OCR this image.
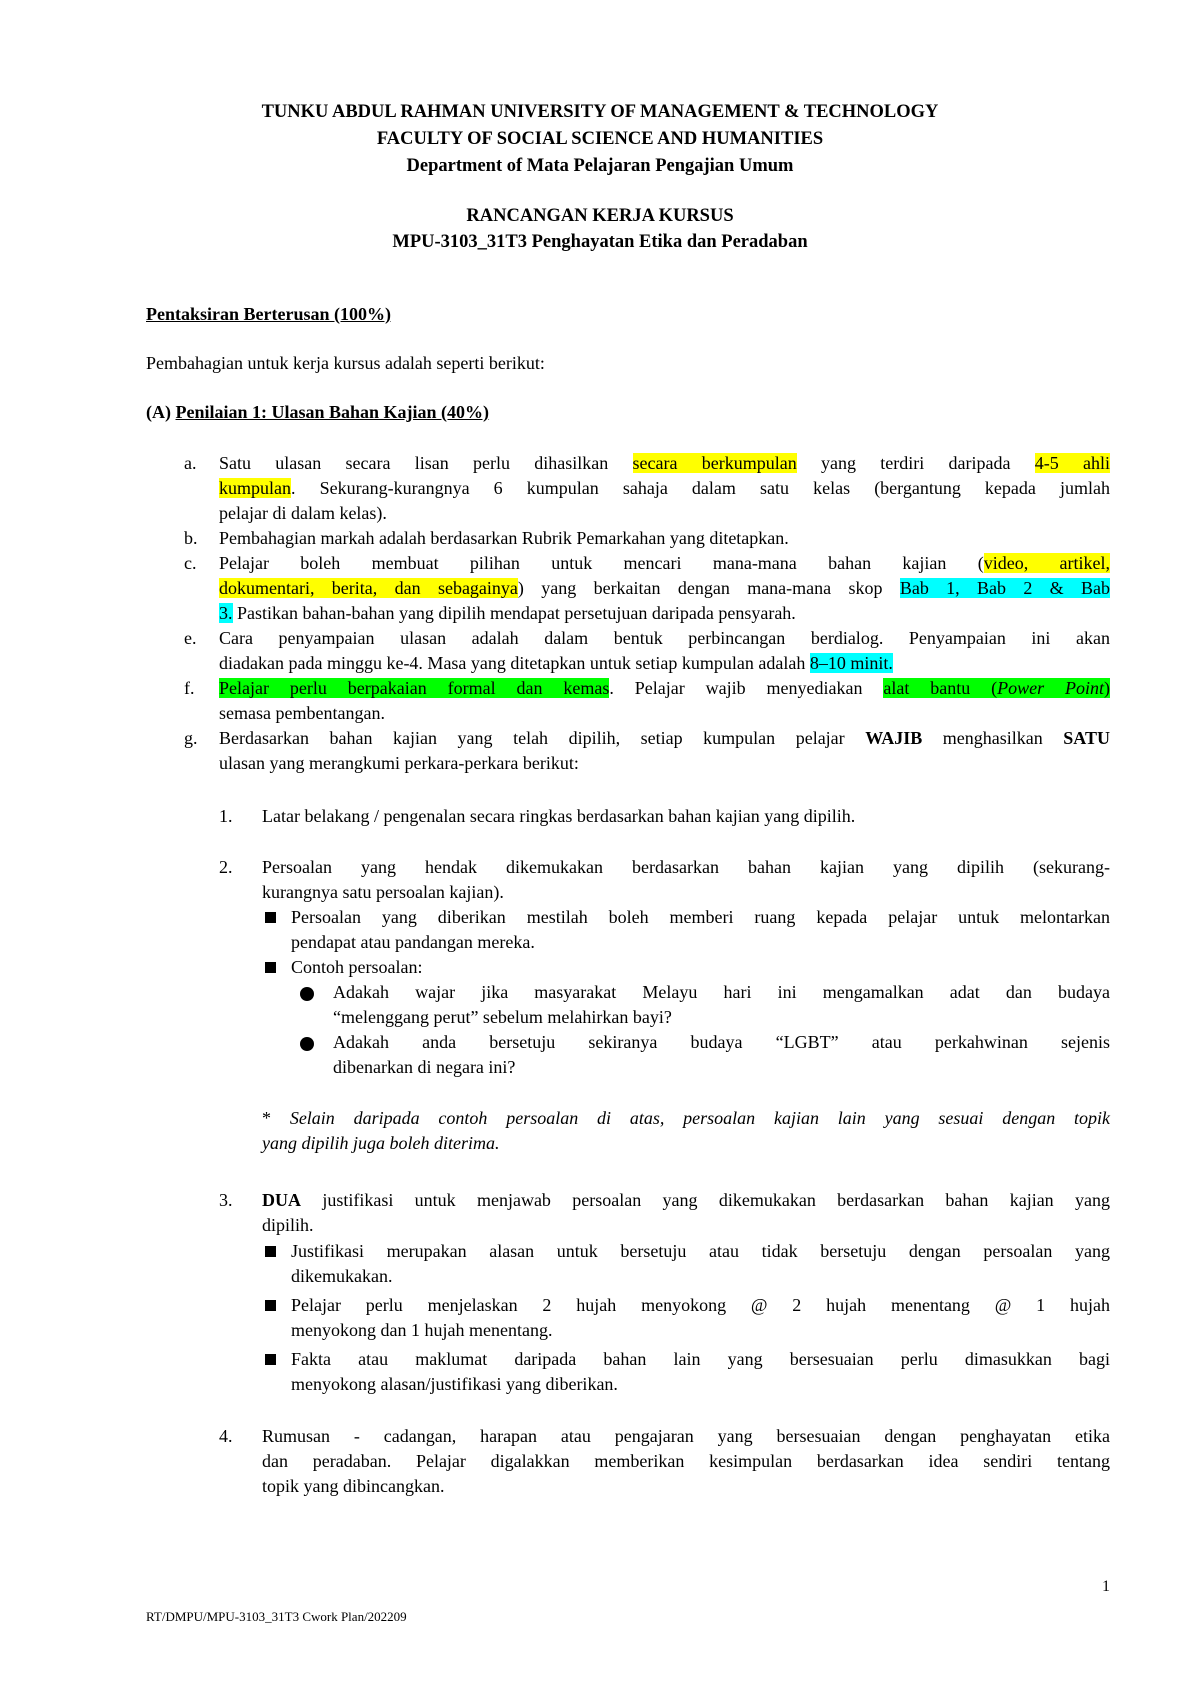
TUNKU ABDUL RAHMAN UNIVERSITY OF MANAGEMENT & TECHNOLOGY
FACULTY OF SOCIAL SCIENCE AND HUMANITIES
Department of Mata Pelajaran Pengajian Umum
RANCANGAN KERJA KURSUS
MPU-3103_31T3 Penghayatan Etika dan Peradaban
Pentaksiran Berterusan (100%)
Pembahagian untuk kerja kursus adalah seperti berikut:
(A) Penilaian 1: Ulasan Bahan Kajian (40%)
a. Satu ulasan secara lisan perlu dihasilkan secara berkumpulan yang terdiri daripada 4-5 ahli
kumpulan. Sekurang-kurangnya 6 kumpulan sahaja dalam satu kelas (bergantung kepada jumlah
pelajar di dalam kelas).
b. Pembahagian markah adalah berdasarkan Rubrik Pemarkahan yang ditetapkan.
c. Pelajar boleh membuat pilihan untuk mencari mana-mana bahan kajian (video, artikel,
dokumentari, berita, dan sebagainya) yang berkaitan dengan mana-mana skop Bab 1, Bab 2 & Bab
3. Pastikan bahan-bahan yang dipilih mendapat persetujuan daripada pensyarah.
e. Cara penyampaian ulasan adalah dalam bentuk perbincangan berdialog. Penyampaian ini akan
diadakan pada minggu ke-4. Masa yang ditetapkan untuk setiap kumpulan adalah 8–10 minit.
f. Pelajar perlu berpakaian formal dan kemas. Pelajar wajib menyediakan alat bantu (Power Point)
semasa pembentangan.
g. Berdasarkan bahan kajian yang telah dipilih, setiap kumpulan pelajar WAJIB menghasilkan SATU
ulasan yang merangkumi perkara-perkara berikut:
1. Latar belakang / pengenalan secara ringkas berdasarkan bahan kajian yang dipilih.
2. Persoalan yang hendak dikemukakan berdasarkan bahan kajian yang dipilih (sekurang-
kurangnya satu persoalan kajian).
Persoalan yang diberikan mestilah boleh memberi ruang kepada pelajar untuk melontarkan
pendapat atau pandangan mereka.
Contoh persoalan:
Adakah wajar jika masyarakat Melayu hari ini mengamalkan adat dan budaya
“melenggang perut” sebelum melahirkan bayi?
Adakah anda bersetuju sekiranya budaya “LGBT” atau perkahwinan sejenis
dibenarkan di negara ini?
* Selain daripada contoh persoalan di atas, persoalan kajian lain yang sesuai dengan topik
yang dipilih juga boleh diterima.
3. DUA justifikasi untuk menjawab persoalan yang dikemukakan berdasarkan bahan kajian yang
dipilih.
Justifikasi merupakan alasan untuk bersetuju atau tidak bersetuju dengan persoalan yang
dikemukakan.
Pelajar perlu menjelaskan 2 hujah menyokong @ 2 hujah menentang @ 1 hujah
menyokong dan 1 hujah menentang.
Fakta atau maklumat daripada bahan lain yang bersesuaian perlu dimasukkan bagi
menyokong alasan/justifikasi yang diberikan.
4. Rumusan - cadangan, harapan atau pengajaran yang bersesuaian dengan penghayatan etika
dan peradaban. Pelajar digalakkan memberikan kesimpulan berdasarkan idea sendiri tentang
topik yang dibincangkan.
1
RT/DMPU/MPU-3103_31T3 Cwork Plan/202209
